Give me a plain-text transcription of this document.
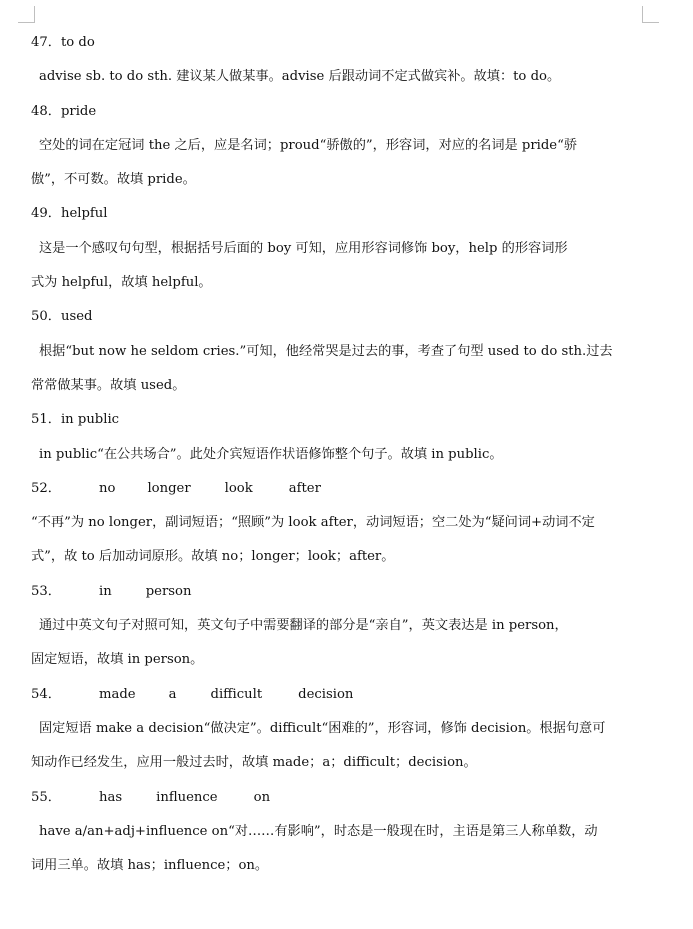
47．to do
advise sb. to do sth. 建议某人做某事。advise 后跟动词不定式做宾补。故填：to do。
48．pride
空处的词在定冠词 the 之后，应是名词；proud“骄傲的”，形容词，对应的名词是 pride“骄
傲”，不可数。故填 pride。
49．helpful
这是一个感叹句句型，根据括号后面的 boy 可知，应用形容词修饰 boy，help 的形容词形
式为 helpful，故填 helpful。
50．used
根据“but now he seldom cries.”可知，他经常哭是过去的事，考查了句型 used to do sth.过去
常常做某事。故填 used。
51．in public
in public“在公共场合”。此处介宾短语作状语修饰整个句子。故填 in public。
52．	no longer	look	after
“不再”为 no longer，副词短语；“照顾”为 look after，动词短语；空二处为“疑问词+动词不定
式”，故 to 后加动词原形。故填 no；longer；look；after。
53．	in	person
通过中英文句子对照可知，英文句子中需要翻译的部分是“亲自”，英文表达是 in person，
固定短语，故填 in person。
54．	made	a	difficult	decision
固定短语 make a decision“做决定”。difficult“困难的”，形容词，修饰 decision。根据句意可
知动作已经发生，应用一般过去时，故填 made；a；difficult；decision。
55．	has	influence	on
have a/an+adj+influence on“对……有影响”，时态是一般现在时，主语是第三人称单数，动
词用三单。故填 has；influence；on。
